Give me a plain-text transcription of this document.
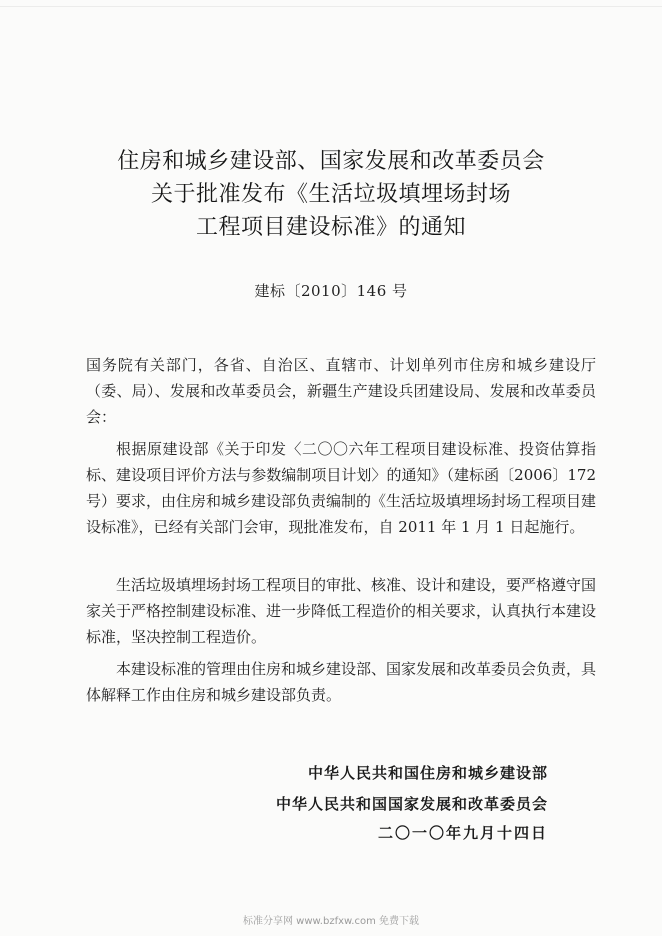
住房和城乡建设部、国家发展和改革委员会
关于批准发布《生活垃圾填埋场封场
工程项目建设标准》的通知
建标〔2010〕146 号

国务院有关部门，各省、自治区、直辖市、计划单列市住房和城乡建设厅（委、局）、发展和改革委员会，新疆生产建设兵团建设局、发展和改革委员会：

根据原建设部《关于印发〈二〇〇六年工程项目建设标准、投资估算指标、建设项目评价方法与参数编制项目计划〉的通知》（建标函〔2006〕172 号）要求，由住房和城乡建设部负责编制的《生活垃圾填埋场封场工程项目建设标准》，已经有关部门会审，现批准发布，自 2011 年 1 月 1 日起施行。

生活垃圾填埋场封场工程项目的审批、核准、设计和建设，要严格遵守国家关于严格控制建设标准、进一步降低工程造价的相关要求，认真执行本建设标准，坚决控制工程造价。

本建设标准的管理由住房和城乡建设部、国家发展和改革委员会负责，具体解释工作由住房和城乡建设部负责。

中华人民共和国住房和城乡建设部
中华人民共和国国家发展和改革委员会
二〇一〇年九月十四日
标准分享网 www.bzfxw.com 免费下载
